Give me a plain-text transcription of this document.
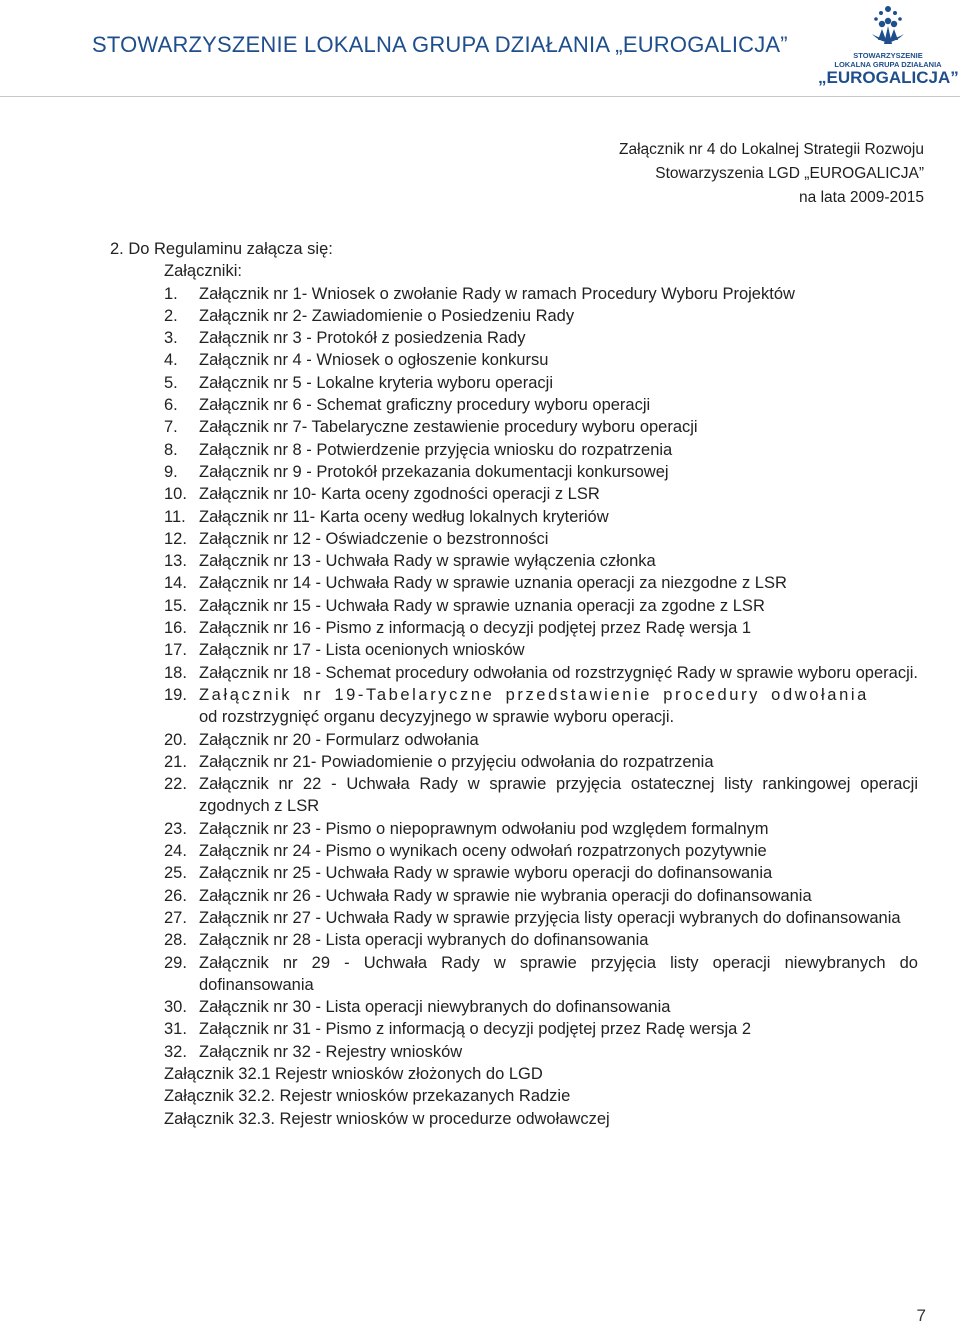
STOWARZYSZENIE LOKALNA GRUPA DZIAŁANIA „EUROGALICJA”	STOWARZYSZENIE
LOKALNA GRUPA DZIAŁANIA
„EUROGALICJA”
Załącznik nr 4 do Lokalnej Strategii Rozwoju
Stowarzyszenia LGD „EUROGALICJA”
na lata 2009-2015
2. Do Regulaminu załącza się:
Załączniki:
1.	Załącznik nr 1- Wniosek o zwołanie Rady w ramach Procedury Wyboru Projektów
2.	Załącznik nr 2- Zawiadomienie o Posiedzeniu Rady
3.	Załącznik nr 3 - Protokół z posiedzenia Rady
4.	Załącznik nr 4 - Wniosek o ogłoszenie konkursu
5.	Załącznik nr 5 - Lokalne kryteria wyboru operacji
6.	Załącznik nr 6 - Schemat graficzny procedury wyboru operacji
7.	Załącznik nr 7- Tabelaryczne zestawienie procedury wyboru operacji
8.	Załącznik nr 8 - Potwierdzenie przyjęcia wniosku do rozpatrzenia
9.	Załącznik nr 9 - Protokół przekazania dokumentacji konkursowej
10. Załącznik nr 10- Karta oceny zgodności operacji z LSR
11. Załącznik nr 11- Karta oceny według lokalnych kryteriów
12. Załącznik nr 12 - Oświadczenie o bezstronności
13. Załącznik nr 13 - Uchwała Rady w sprawie wyłączenia członka
14. Załącznik nr 14 - Uchwała Rady w sprawie uznania operacji za niezgodne z LSR
15. Załącznik nr 15 - Uchwała Rady w sprawie uznania operacji za zgodne z LSR
16. Załącznik nr 16 - Pismo z informacją o decyzji podjętej przez Radę wersja 1
17. Załącznik nr 17 - Lista ocenionych wniosków
18. Załącznik nr 18 - Schemat procedury odwołania od rozstrzygnięć Rady w sprawie wyboru operacji.
19. Załącznik nr 19-Tabelaryczne przedstawienie procedury odwołania
od rozstrzygnięć organu decyzyjnego w sprawie wyboru operacji.
20. Załącznik nr 20 - Formularz odwołania
21. Załącznik nr 21- Powiadomienie o przyjęciu odwołania do rozpatrzenia
22. Załącznik nr 22 - Uchwała Rady w sprawie przyjęcia ostatecznej listy rankingowej operacji zgodnych z LSR
23. Załącznik nr 23 - Pismo o niepoprawnym odwołaniu pod względem formalnym
24. Załącznik nr 24 - Pismo o wynikach oceny odwołań rozpatrzonych pozytywnie
25. Załącznik nr 25 - Uchwała Rady w sprawie wyboru operacji do dofinansowania
26. Załącznik nr 26 - Uchwała Rady w sprawie nie wybrania operacji do dofinansowania
27. Załącznik nr 27 - Uchwała Rady w sprawie przyjęcia listy operacji wybranych do dofinansowania
28. Załącznik nr 28 - Lista operacji wybranych do dofinansowania
29. Załącznik nr 29 - Uchwała Rady w sprawie przyjęcia listy operacji niewybranych do dofinansowania
30. Załącznik nr 30 - Lista operacji niewybranych do dofinansowania
31. Załącznik nr 31 - Pismo z informacją o decyzji podjętej przez Radę wersja 2
32. Załącznik nr 32 - Rejestry wniosków
Załącznik 32.1 Rejestr wniosków złożonych do LGD
Załącznik 32.2. Rejestr wniosków przekazanych Radzie
Załącznik 32.3. Rejestr wniosków w procedurze odwoławczej
7
